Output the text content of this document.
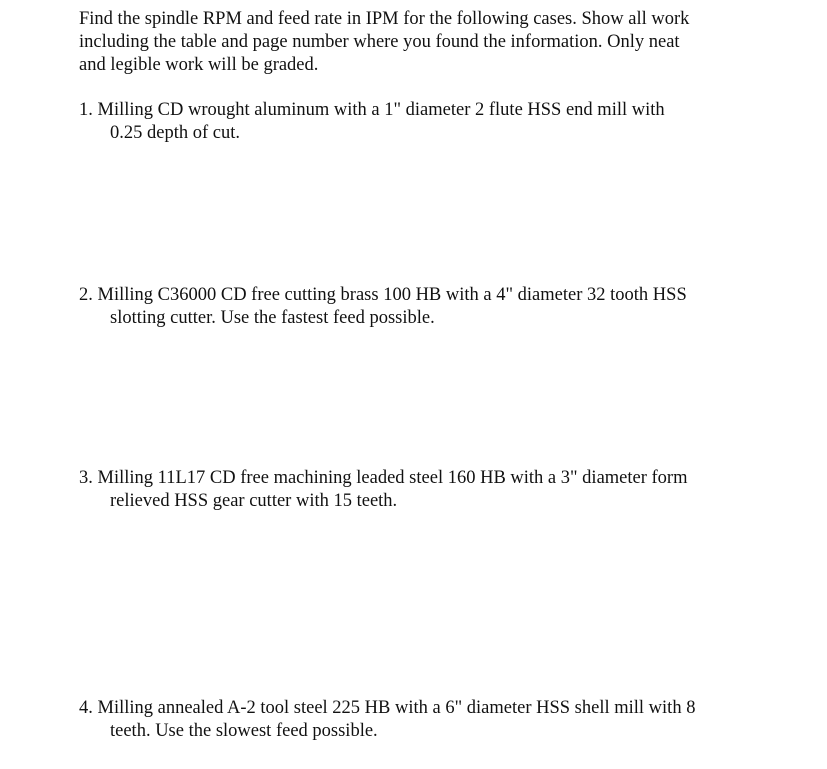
Find the spindle RPM and feed rate in IPM for the following cases. Show all work
including the table and page number where you found the information. Only neat
and legible work will be graded.

1. Milling CD wrought aluminum with a 1" diameter 2 flute HSS end mill with
0.25 depth of cut.

2. Milling C36000 CD free cutting brass 100 HB with a 4" diameter 32 tooth HSS
slotting cutter. Use the fastest feed possible.

3. Milling 11L17 CD free machining leaded steel 160 HB with a 3" diameter form
relieved HSS gear cutter with 15 teeth.

4. Milling annealed A-2 tool steel 225 HB with a 6" diameter HSS shell mill with 8
teeth. Use the slowest feed possible.
